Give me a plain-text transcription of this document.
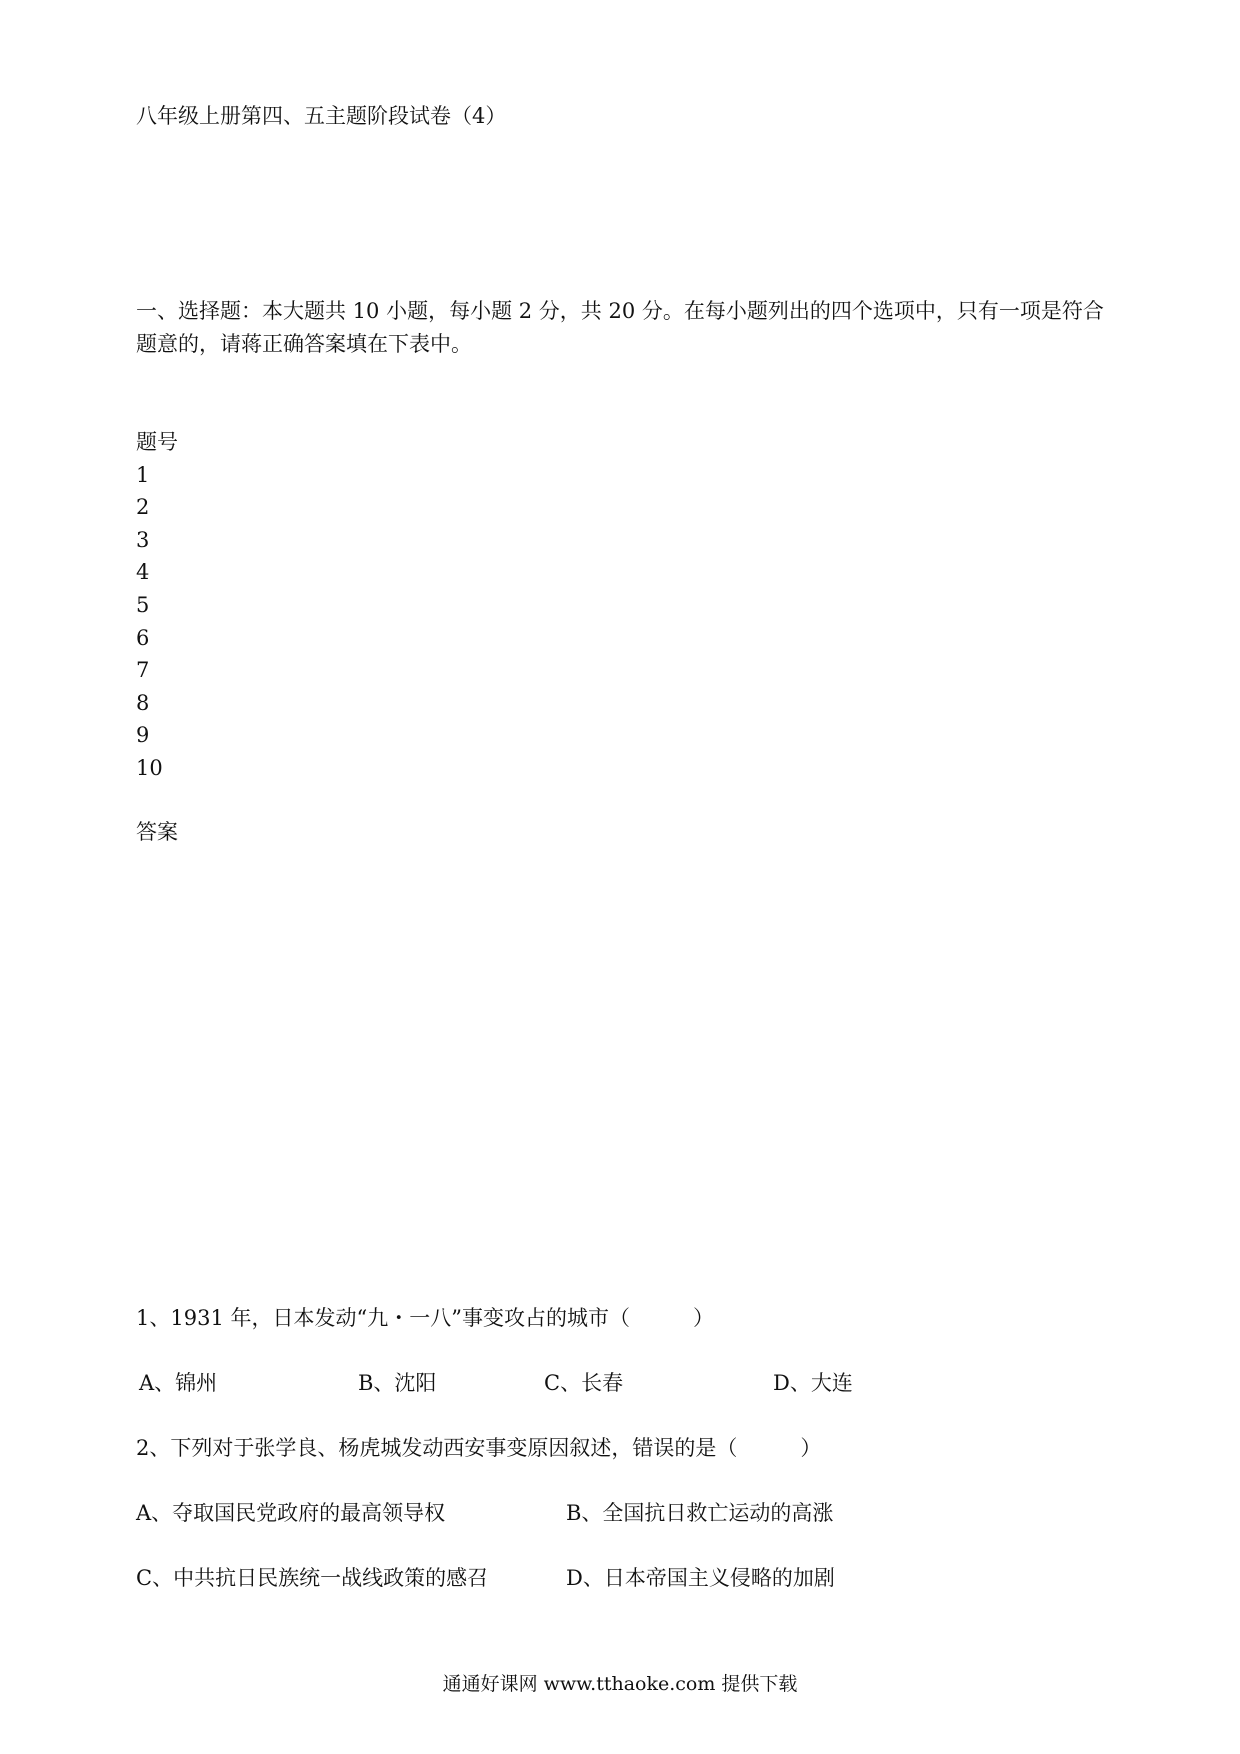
八年级上册第四、五主题阶段试卷（4）
一、选择题：本大题共 10 小题，每小题 2 分，共 20 分。在每小题列出的四个选项中，只有一项是符合
题意的，请蒋正确答案填在下表中。
题号
1
2
3
4
5
6
7
8
9
10
答案
1、1931 年，日本发动“九・一八”事变攻占的城市（　　　）
A、锦州	B、沈阳	C、长春	D、大连
2、下列对于张学良、杨虎城发动西安事变原因叙述，错误的是（　　　）
A、夺取国民党政府的最高领导权	B、全国抗日救亡运动的高涨
C、中共抗日民族统一战线政策的感召	D、日本帝国主义侵略的加剧
通通好课网 www.tthaoke.com 提供下载
